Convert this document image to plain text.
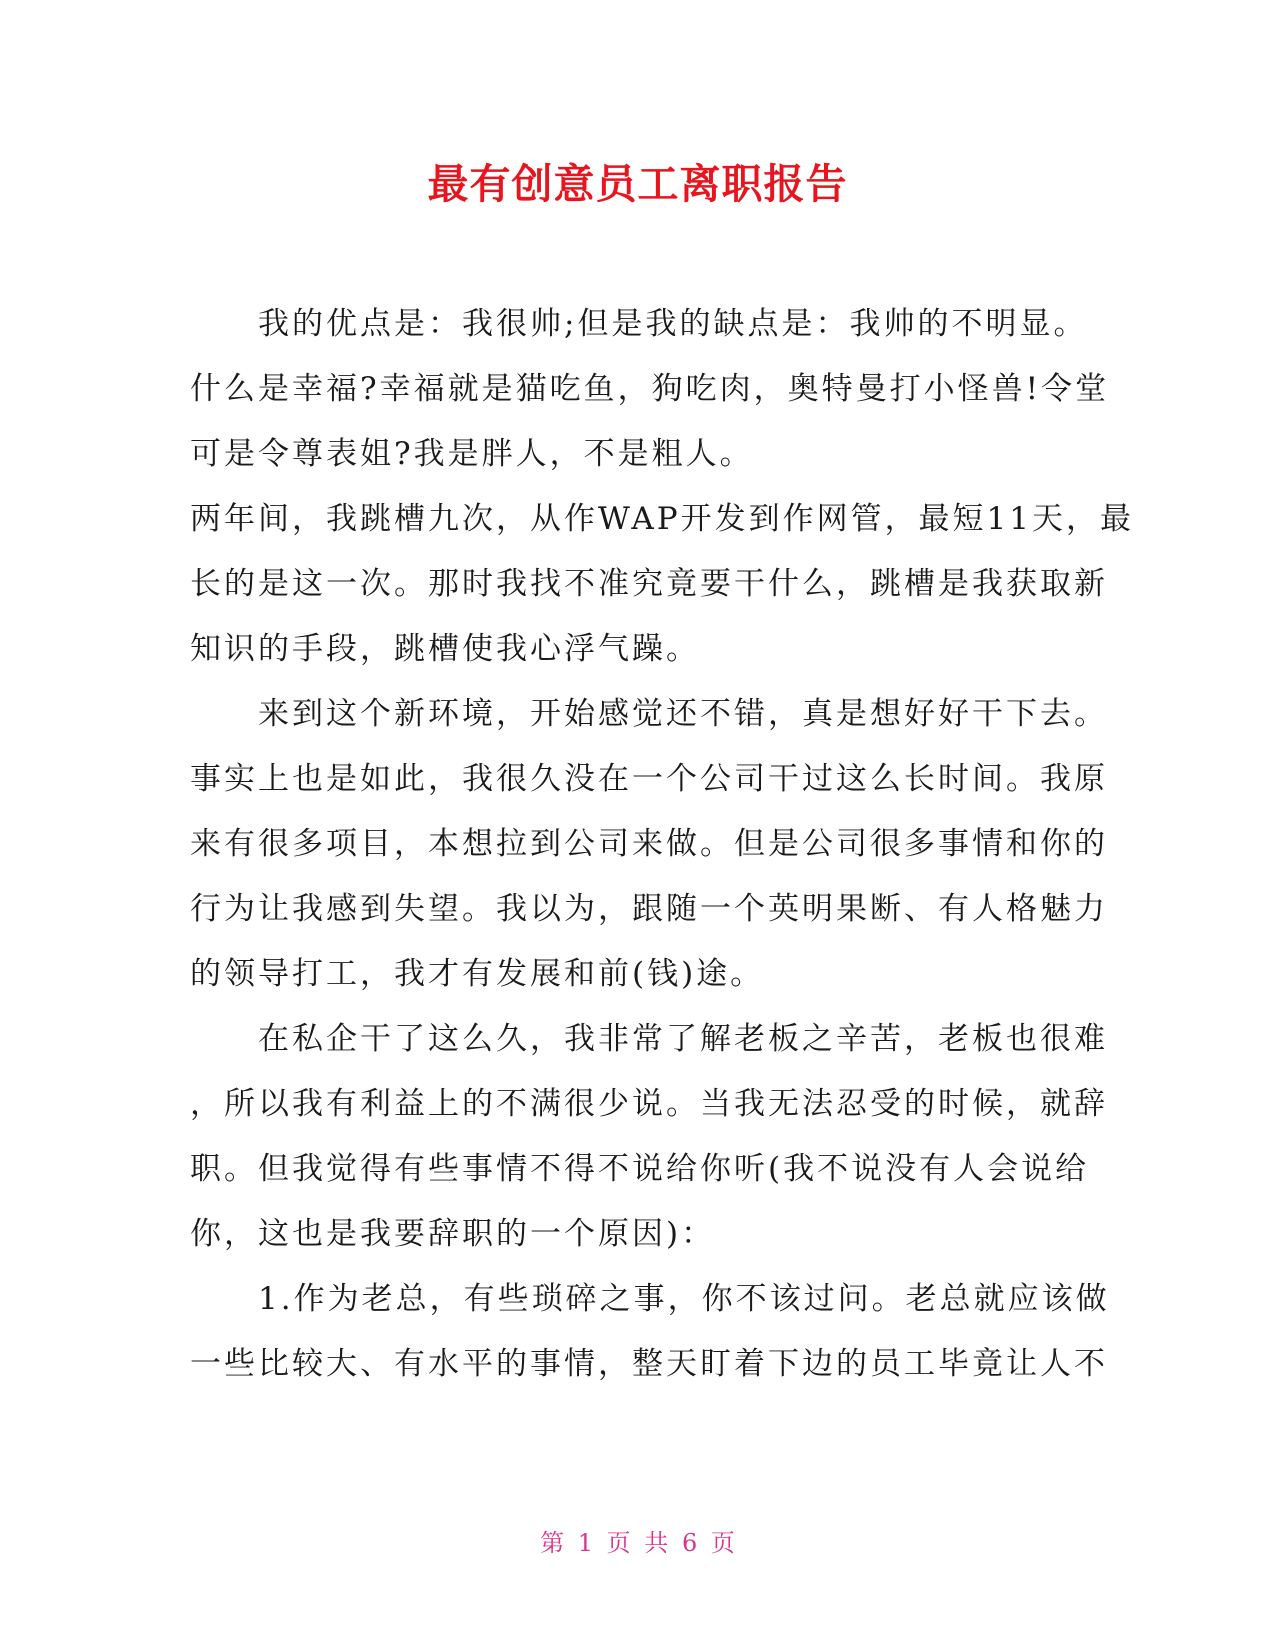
最有创意员工离职报告
　　我的优点是：我很帅;但是我的缺点是：我帅的不明显。
什么是幸福?幸福就是猫吃鱼，狗吃肉，奥特曼打小怪兽!令堂
可是令尊表姐?我是胖人，不是粗人。
两年间，我跳槽九次，从作WAP开发到作网管，最短11天，最
长的是这一次。那时我找不准究竟要干什么，跳槽是我获取新
知识的手段，跳槽使我心浮气躁。
　　来到这个新环境，开始感觉还不错，真是想好好干下去。
事实上也是如此，我很久没在一个公司干过这么长时间。我原
来有很多项目，本想拉到公司来做。但是公司很多事情和你的
行为让我感到失望。我以为，跟随一个英明果断、有人格魅力
的领导打工，我才有发展和前(钱)途。
　　在私企干了这么久，我非常了解老板之辛苦，老板也很难
，所以我有利益上的不满很少说。当我无法忍受的时候，就辞
职。但我觉得有些事情不得不说给你听(我不说没有人会说给
你，这也是我要辞职的一个原因)：
　　1.作为老总，有些琐碎之事，你不该过问。老总就应该做
一些比较大、有水平的事情，整天盯着下边的员工毕竟让人不
第 1 页 共 6 页
